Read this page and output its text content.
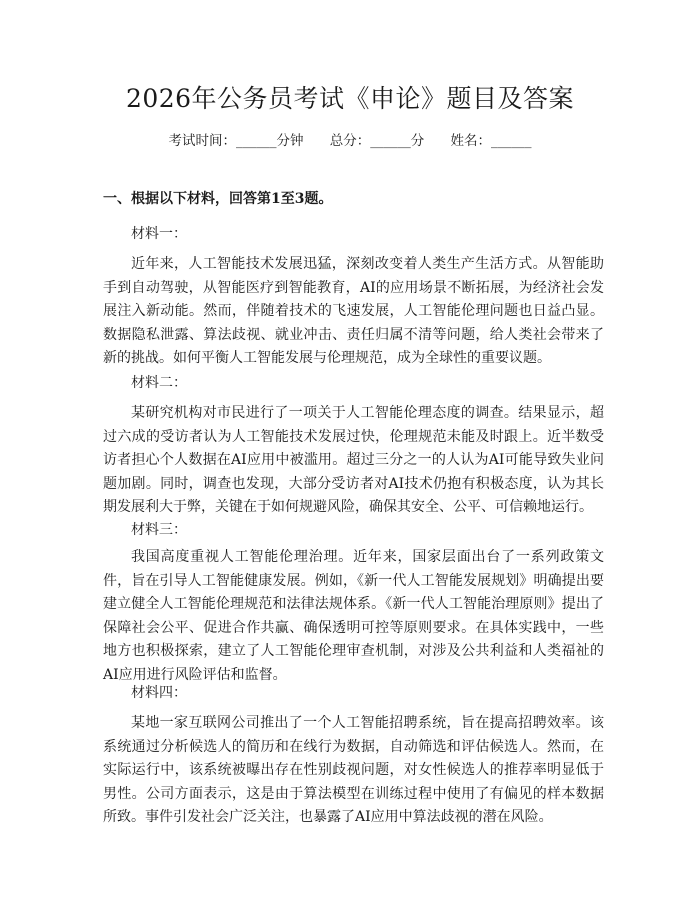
2026年公务员考试《申论》题目及答案
考试时间：______分钟 总分：______分 姓名：______
一、根据以下材料，回答第1至3题。
材料一：

近年来，人工智能技术发展迅猛，深刻改变着人类生产生活方式。从智能助手到自动驾驶，从智能医疗到智能教育，AI的应用场景不断拓展，为经济社会发展注入新动能。然而，伴随着技术的飞速发展，人工智能伦理问题也日益凸显。数据隐私泄露、算法歧视、就业冲击、责任归属不清等问题，给人类社会带来了新的挑战。如何平衡人工智能发展与伦理规范，成为全球性的重要议题。

材料二：

某研究机构对市民进行了一项关于人工智能伦理态度的调查。结果显示，超过六成的受访者认为人工智能技术发展过快，伦理规范未能及时跟上。近半数受访者担心个人数据在AI应用中被滥用。超过三分之一的人认为AI可能导致失业问题加剧。同时，调查也发现，大部分受访者对AI技术仍抱有积极态度，认为其长期发展利大于弊，关键在于如何规避风险，确保其安全、公平、可信赖地运行。

材料三：

我国高度重视人工智能伦理治理。近年来，国家层面出台了一系列政策文件，旨在引导人工智能健康发展。例如，《新一代人工智能发展规划》明确提出要建立健全人工智能伦理规范和法律法规体系。《新一代人工智能治理原则》提出了保障社会公平、促进合作共赢、确保透明可控等原则要求。在具体实践中，一些地方也积极探索，建立了人工智能伦理审查机制，对涉及公共利益和人类福祉的AI应用进行风险评估和监督。

材料四：

某地一家互联网公司推出了一个人工智能招聘系统，旨在提高招聘效率。该系统通过分析候选人的简历和在线行为数据，自动筛选和评估候选人。然而，在实际运行中，该系统被曝出存在性别歧视问题，对女性候选人的推荐率明显低于男性。公司方面表示，这是由于算法模型在训练过程中使用了有偏见的样本数据所致。事件引发社会广泛关注，也暴露了AI应用中算法歧视的潜在风险。
